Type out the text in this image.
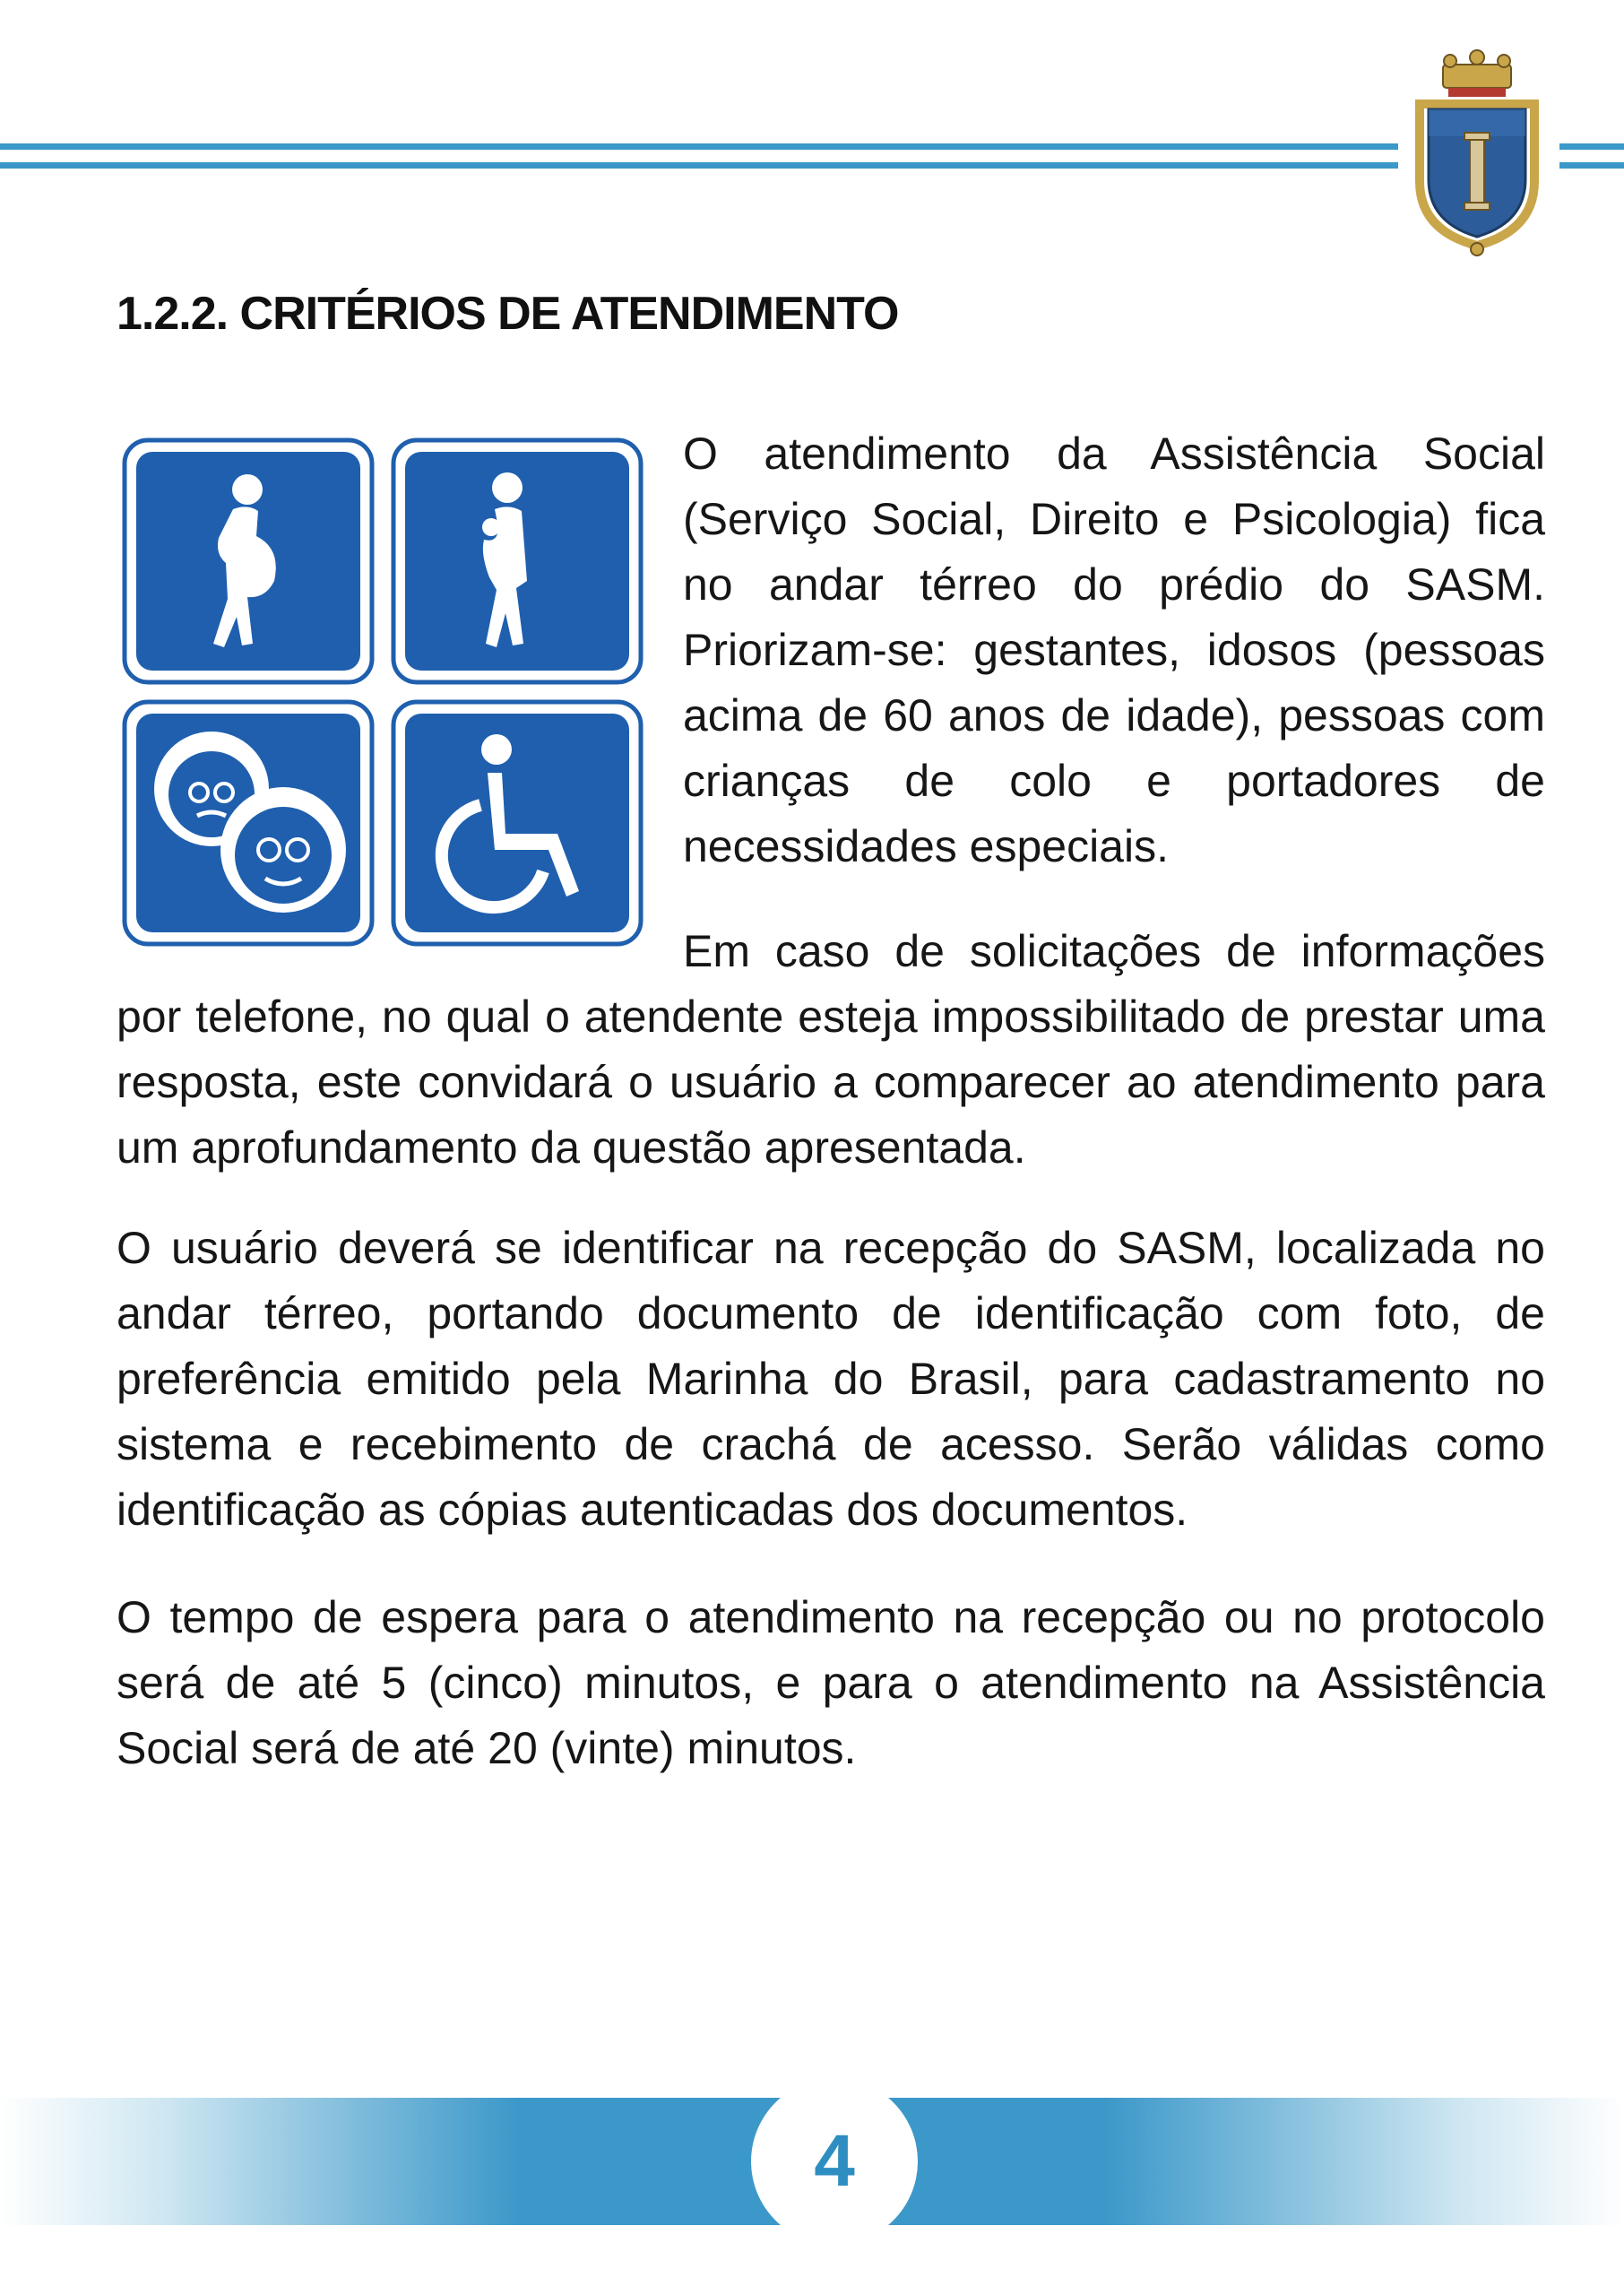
1.2.2. CRITÉRIOS DE ATENDIMENTO
O atendimento da Assistência Social (Serviço Social, Direito e Psicologia) fica no andar térreo do prédio do SASM. Priorizam-se: gestantes, idosos (pessoas acima de 60 anos de idade), pessoas com crianças de colo e portadores de necessidades especiais.
Em caso de solicitações de informações
por telefone, no qual o atendente esteja impossibilitado de prestar uma resposta, este convidará o usuário a comparecer ao atendimento para um aprofundamento da questão apresentada.
O usuário deverá se identificar na recepção do SASM, localizada no andar térreo, portando documento de identificação com foto, de preferência emitido pela Marinha do Brasil, para cadastramento no sistema e recebimento de crachá de acesso. Serão válidas como identificação as cópias autenticadas dos documentos.
O tempo de espera para o atendimento na recepção ou no protocolo será de até 5 (cinco) minutos, e para o atendimento na Assistência Social será de até 20 (vinte) minutos.
4
